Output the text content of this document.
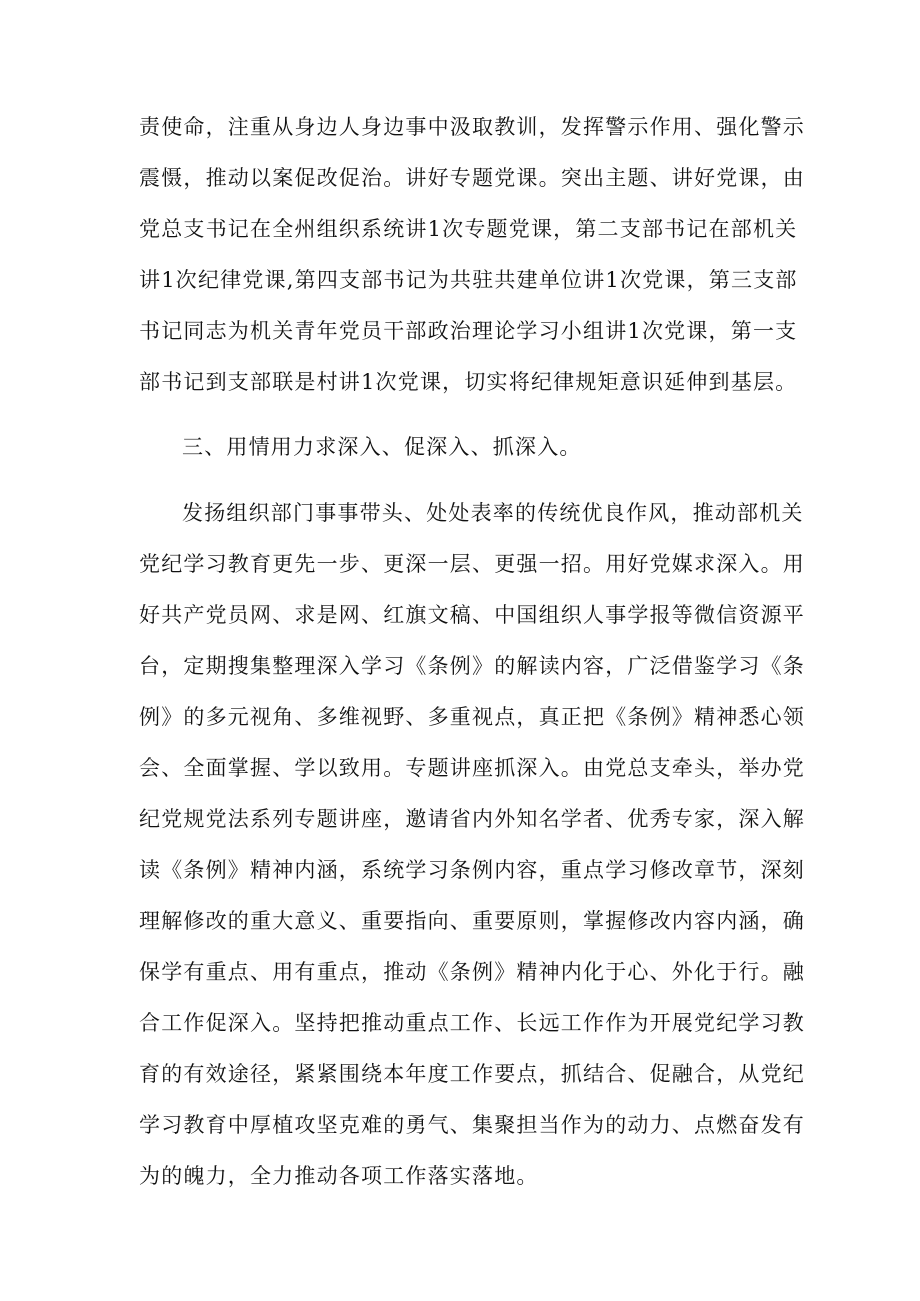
责使命，注重从身边人身边事中汲取教训，发挥警示作用、强化警示

震慑，推动以案促改促治。讲好专题党课。突出主题、讲好党课，由

党总支书记在全州组织系统讲1次专题党课，第二支部书记在部机关

讲1次纪律党课,第四支部书记为共驻共建单位讲1次党课，第三支部

书记同志为机关青年党员干部政治理论学习小组讲1次党课，第一支

部书记到支部联是村讲1次党课，切实将纪律规矩意识延伸到基层。

三、用情用力求深入、促深入、抓深入。

发扬组织部门事事带头、处处表率的传统优良作风，推动部机关

党纪学习教育更先一步、更深一层、更强一招。用好党媒求深入。用

好共产党员网、求是网、红旗文稿、中国组织人事学报等微信资源平

台，定期搜集整理深入学习《条例》的解读内容，广泛借鉴学习《条

例》的多元视角、多维视野、多重视点，真正把《条例》精神悉心领

会、全面掌握、学以致用。专题讲座抓深入。由党总支牵头，举办党

纪党规党法系列专题讲座，邀请省内外知名学者、优秀专家，深入解

读《条例》精神内涵，系统学习条例内容，重点学习修改章节，深刻

理解修改的重大意义、重要指向、重要原则，掌握修改内容内涵，确

保学有重点、用有重点，推动《条例》精神内化于心、外化于行。融

合工作促深入。坚持把推动重点工作、长远工作作为开展党纪学习教

育的有效途径，紧紧围绕本年度工作要点，抓结合、促融合，从党纪

学习教育中厚植攻坚克难的勇气、集聚担当作为的动力、点燃奋发有

为的魄力，全力推动各项工作落实落地。
